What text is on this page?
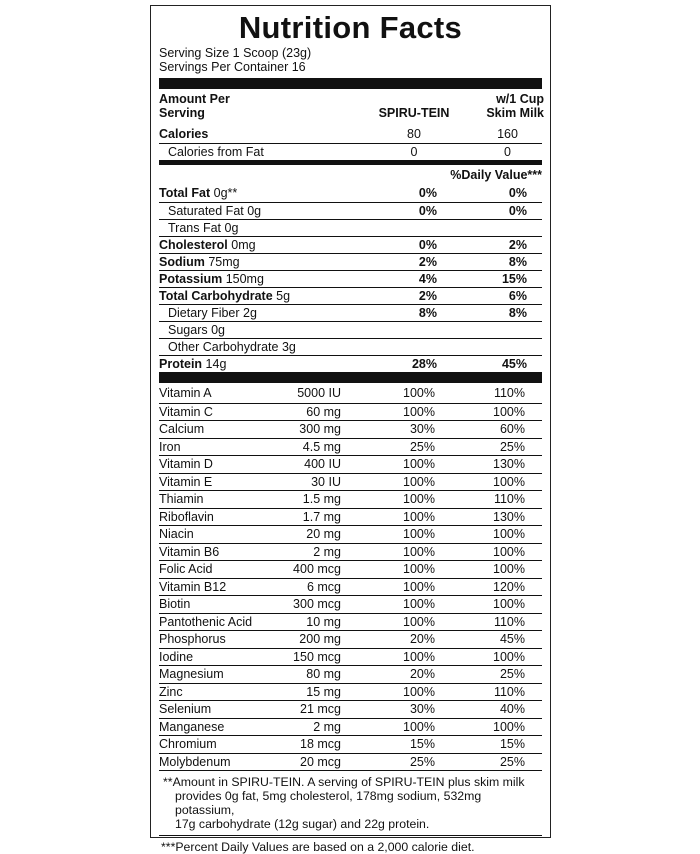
Nutrition Facts
Serving Size 1 Scoop (23g)
Servings Per Container 16
Amount Per
Serving	SPIRU-TEIN
w/1 Cup
Skim Milk
Calories	80	160
Calories from Fat	0	0
%Daily Value***
Total Fat 0g**	0%	0%
Saturated Fat 0g	0%	0%
Trans Fat 0g
Cholesterol 0mg	0%	2%
Sodium 75mg	2%	8%
Potassium 150mg	4%	15%
Total Carbohydrate 5g	2%	6%
Dietary Fiber 2g	8%	8%
Sugars 0g
Other Carbohydrate 3g
Protein 14g	28%	45%
Vitamin A	5000 IU	100%	110%
Vitamin C	60 mg	100%	100%
Calcium	300 mg	30%	60%
Iron	4.5 mg	25%	25%
Vitamin D	400 IU	100%	130%
Vitamin E	30 IU	100%	100%
Thiamin	1.5 mg	100%	110%
Riboflavin	1.7 mg	100%	130%
Niacin	20 mg	100%	100%
Vitamin B6	2 mg	100%	100%
Folic Acid	400 mcg	100%	100%
Vitamin B12	6 mcg	100%	120%
Biotin	300 mcg	100%	100%
Pantothenic Acid	10 mg	100%	110%
Phosphorus	200 mg	20%	45%
Iodine	150 mcg	100%	100%
Magnesium	80 mg	20%	25%
Zinc	15 mg	100%	110%
Selenium	21 mcg	30%	40%
Manganese	2 mg	100%	100%
Chromium	18 mcg	15%	15%
Molybdenum	20 mcg	25%	25%
**Amount in SPIRU-TEIN. A serving of SPIRU-TEIN plus skim milk
provides 0g fat, 5mg cholesterol, 178mg sodium, 532mg potassium,
17g carbohydrate (12g sugar) and 22g protein.
***Percent Daily Values are based on a 2,000 calorie diet.
